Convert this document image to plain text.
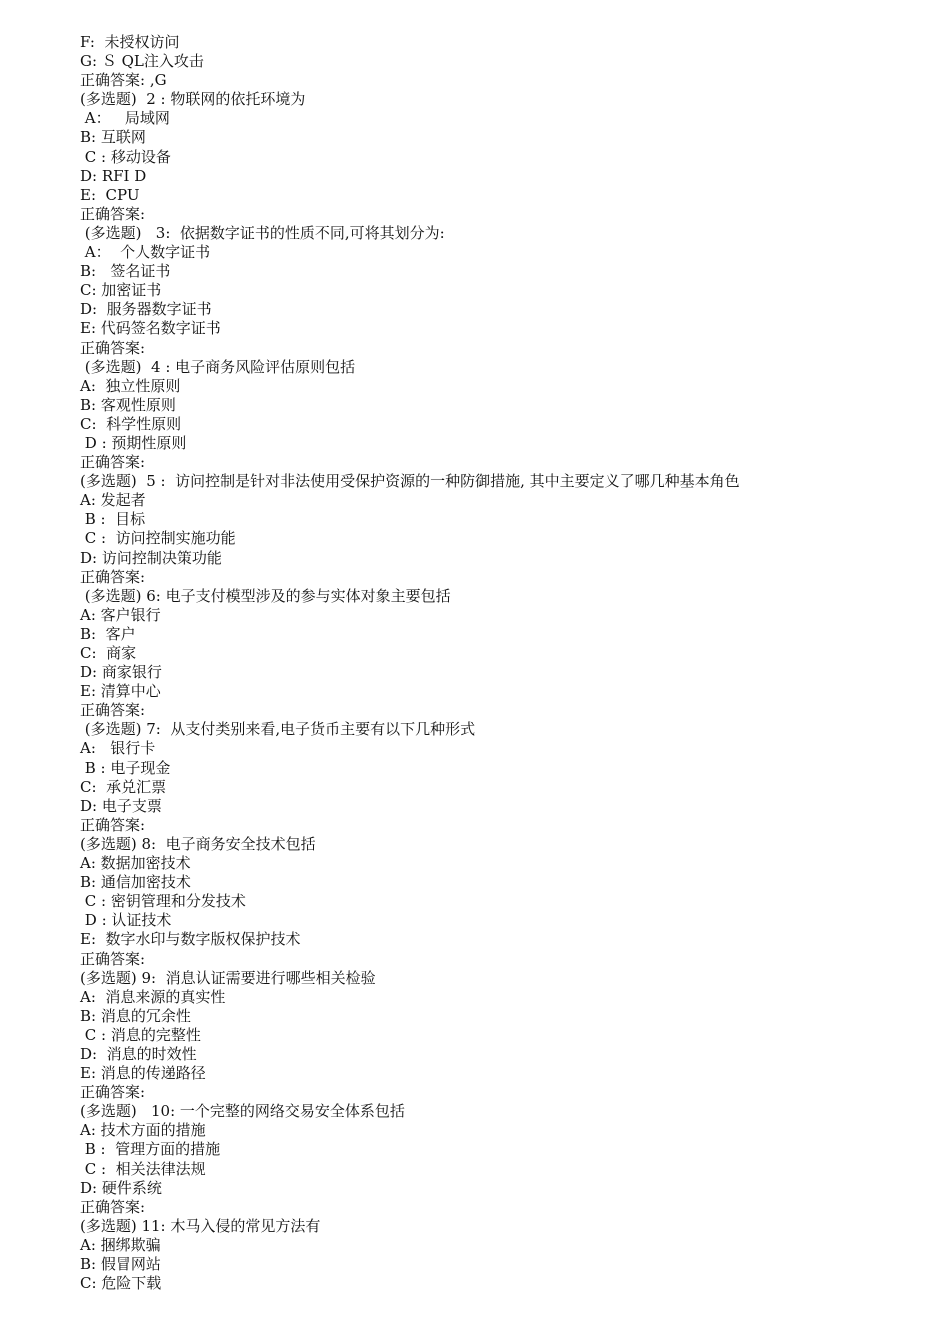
F:  未授权访问
G: Ｓ QL注入攻击
正确答案: ,G
(多选题)  2 : 物联网的依托环境为
A：   局域网
B: 互联网
C : 移动设备
D: RFI D
E:  CPU
正确答案:
(多选题)   3:  依据数字证书的性质不同,可将其划分为:
A：  个人数字证书
B:   签名证书
C: 加密证书
D:  服务器数字证书
E: 代码签名数字证书
正确答案:
(多选题)  4 : 电子商务风险评估原则包括
A:  独立性原则
B: 客观性原则
C:  科学性原则
D : 预期性原则
正确答案:
(多选题)  5 :  访问控制是针对非法使用受保护资源的一种防御措施, 其中主要定义了哪几种基本角色
A: 发起者
B :  目标
C :  访问控制实施功能
D: 访问控制决策功能
正确答案:
(多选题) 6: 电子支付模型涉及的参与实体对象主要包括
A: 客户银行
B:  客户
C:  商家
D: 商家银行
E: 清算中心
正确答案:
(多选题) 7:  从支付类别来看,电子货币主要有以下几种形式
A:   银行卡
B : 电子现金
C:  承兑汇票
D: 电子支票
正确答案:
(多选题) 8:  电子商务安全技术包括
A: 数据加密技术
B: 通信加密技术
C : 密钥管理和分发技术
D : 认证技术
E:  数字水印与数字版权保护技术
正确答案:
(多选题) 9:  消息认证需要进行哪些相关检验
A:  消息来源的真实性
B: 消息的冗余性
C : 消息的完整性
D:  消息的时效性
E: 消息的传递路径
正确答案:
(多选题)   10: 一个完整的网络交易安全体系包括
A: 技术方面的措施
B :  管理方面的措施
C :  相关法律法规
D: 硬件系统
正确答案:
(多选题) 11: 木马入侵的常见方法有
A: 捆绑欺骗
B: 假冒网站
C: 危险下载
